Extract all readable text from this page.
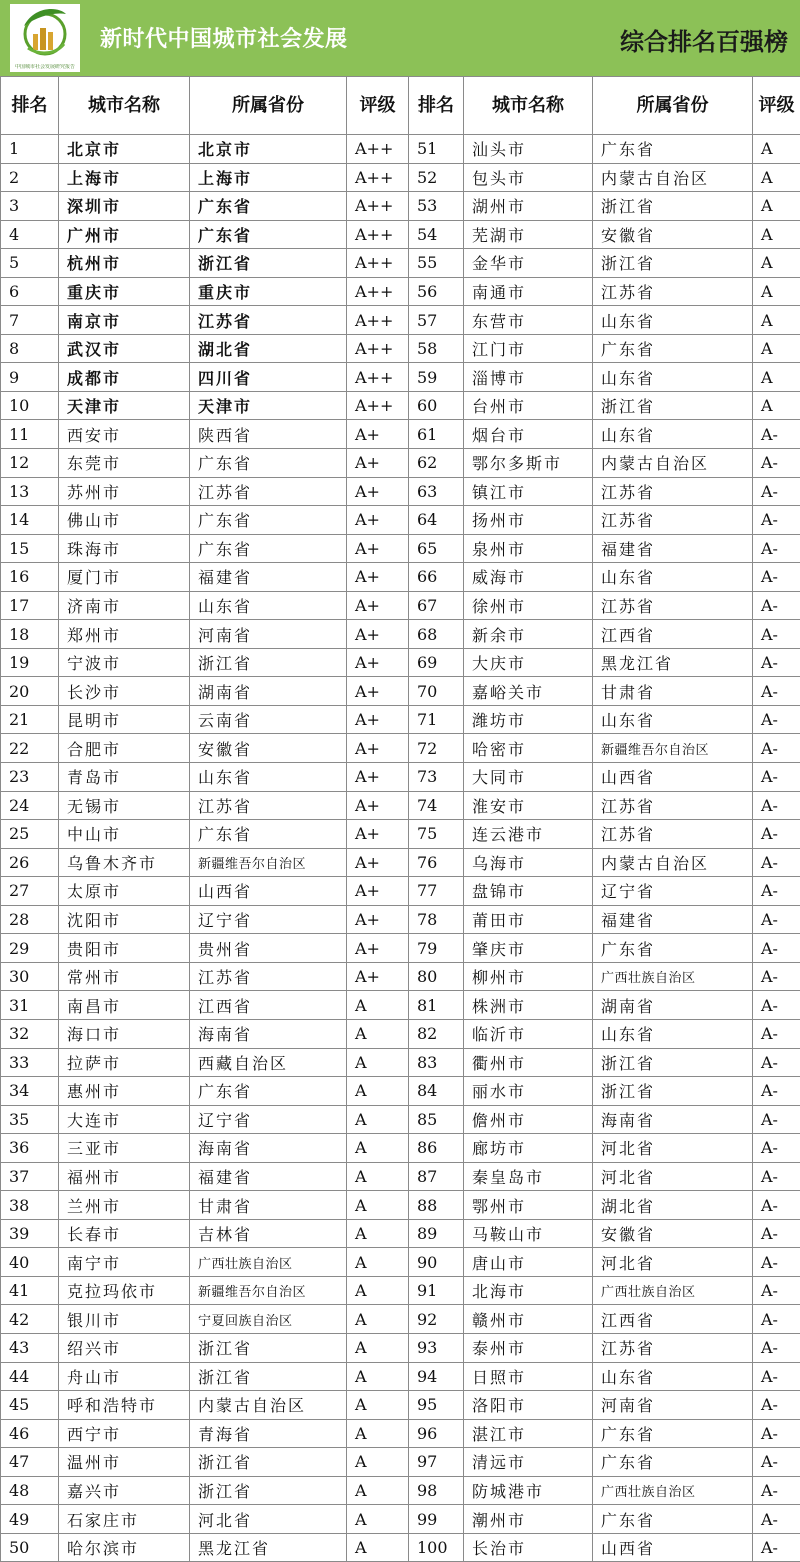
中国城市社会发展研究报告
新时代中国城市社会发展	综合排名百强榜
排名	城市名称	所属省份	评级	排名	城市名称	所属省份	评级
1	北京市	北京市	A++	51	汕头市	广东省	A
2	上海市	上海市	A++	52	包头市	内蒙古自治区	A
3	深圳市	广东省	A++	53	湖州市	浙江省	A
4	广州市	广东省	A++	54	芜湖市	安徽省	A
5	杭州市	浙江省	A++	55	金华市	浙江省	A
6	重庆市	重庆市	A++	56	南通市	江苏省	A
7	南京市	江苏省	A++	57	东营市	山东省	A
8	武汉市	湖北省	A++	58	江门市	广东省	A
9	成都市	四川省	A++	59	淄博市	山东省	A
10	天津市	天津市	A++	60	台州市	浙江省	A
11	西安市	陕西省	A+	61	烟台市	山东省	A-
12	东莞市	广东省	A+	62	鄂尔多斯市	内蒙古自治区	A-
13	苏州市	江苏省	A+	63	镇江市	江苏省	A-
14	佛山市	广东省	A+	64	扬州市	江苏省	A-
15	珠海市	广东省	A+	65	泉州市	福建省	A-
16	厦门市	福建省	A+	66	威海市	山东省	A-
17	济南市	山东省	A+	67	徐州市	江苏省	A-
18	郑州市	河南省	A+	68	新余市	江西省	A-
19	宁波市	浙江省	A+	69	大庆市	黑龙江省	A-
20	长沙市	湖南省	A+	70	嘉峪关市	甘肃省	A-
21	昆明市	云南省	A+	71	潍坊市	山东省	A-
22	合肥市	安徽省	A+	72	哈密市	新疆维吾尔自治区	A-
23	青岛市	山东省	A+	73	大同市	山西省	A-
24	无锡市	江苏省	A+	74	淮安市	江苏省	A-
25	中山市	广东省	A+	75	连云港市	江苏省	A-
26	乌鲁木齐市	新疆维吾尔自治区	A+	76	乌海市	内蒙古自治区	A-
27	太原市	山西省	A+	77	盘锦市	辽宁省	A-
28	沈阳市	辽宁省	A+	78	莆田市	福建省	A-
29	贵阳市	贵州省	A+	79	肇庆市	广东省	A-
30	常州市	江苏省	A+	80	柳州市	广西壮族自治区	A-
31	南昌市	江西省	A	81	株洲市	湖南省	A-
32	海口市	海南省	A	82	临沂市	山东省	A-
33	拉萨市	西藏自治区	A	83	衢州市	浙江省	A-
34	惠州市	广东省	A	84	丽水市	浙江省	A-
35	大连市	辽宁省	A	85	儋州市	海南省	A-
36	三亚市	海南省	A	86	廊坊市	河北省	A-
37	福州市	福建省	A	87	秦皇岛市	河北省	A-
38	兰州市	甘肃省	A	88	鄂州市	湖北省	A-
39	长春市	吉林省	A	89	马鞍山市	安徽省	A-
40	南宁市	广西壮族自治区	A	90	唐山市	河北省	A-
41	克拉玛依市	新疆维吾尔自治区	A	91	北海市	广西壮族自治区	A-
42	银川市	宁夏回族自治区	A	92	赣州市	江西省	A-
43	绍兴市	浙江省	A	93	泰州市	江苏省	A-
44	舟山市	浙江省	A	94	日照市	山东省	A-
45	呼和浩特市	内蒙古自治区	A	95	洛阳市	河南省	A-
46	西宁市	青海省	A	96	湛江市	广东省	A-
47	温州市	浙江省	A	97	清远市	广东省	A-
48	嘉兴市	浙江省	A	98	防城港市	广西壮族自治区	A-
49	石家庄市	河北省	A	99	潮州市	广东省	A-
50	哈尔滨市	黑龙江省	A	100	长治市	山西省	A-
